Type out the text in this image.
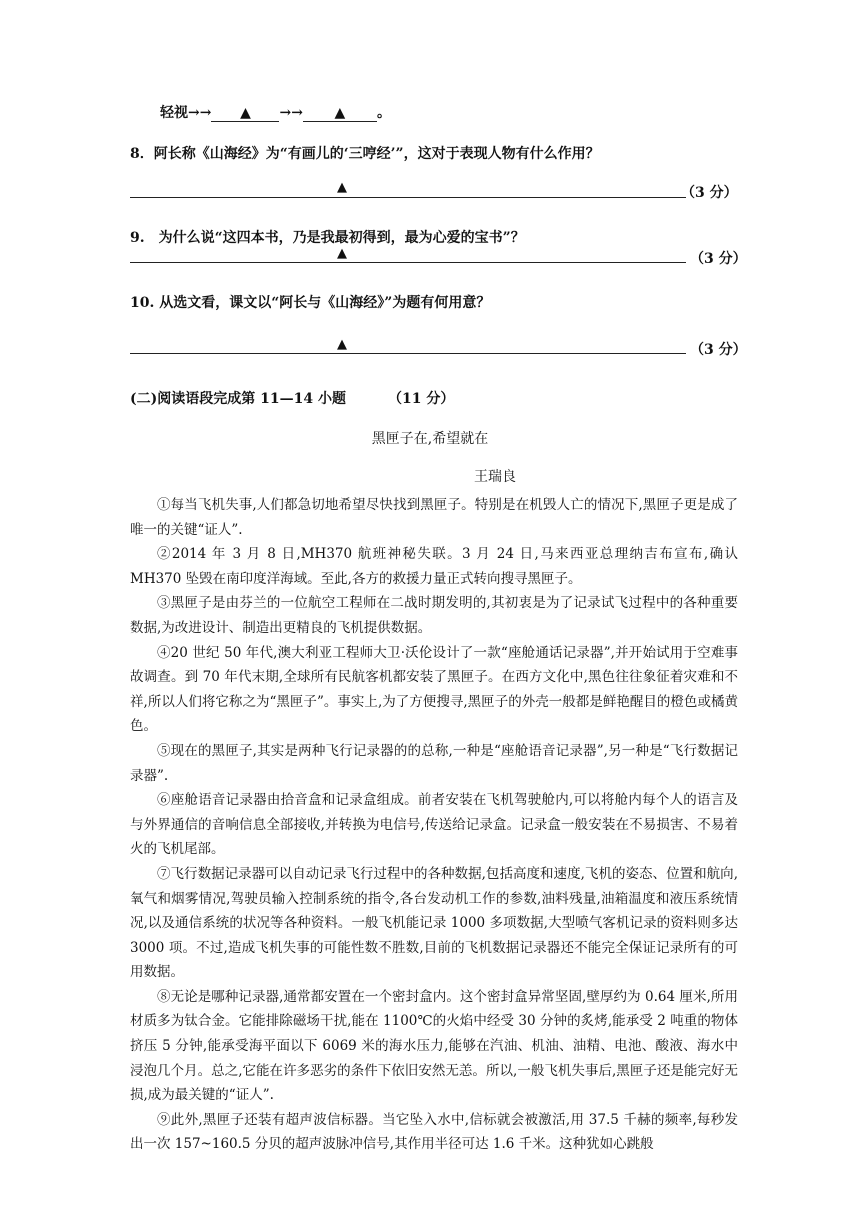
轻视→→ ▲ →→ ▲ 。
8．阿长称《山海经》为“有画儿的‘三哼经’”，这对于表现人物有什么作用？
▲	（3 分）
9.　为什么说“这四本书，乃是我最初得到，最为心爱的宝书”？
▲	（3 分）
10. 从选文看，课文以“阿长与《山海经》”为题有何用意？
▲	（3 分）
(二)阅读语段完成第 11—14 小题	（11 分）
黑匣子在,希望就在
王瑞良

①每当飞机失事,人们都急切地希望尽快找到黑匣子。特别是在机毁人亡的情况下,黑匣子更是成了唯一的关键“证人”.

②2014 年 3 月 8 日,MH370 航班神秘失联。3 月 24 日,马来西亚总理纳吉布宣布,确认 MH370 坠毁在南印度洋海域。至此,各方的救援力量正式转向搜寻黑匣子。

③黑匣子是由芬兰的一位航空工程师在二战时期发明的,其初衷是为了记录试飞过程中的各种重要数据,为改进设计、制造出更精良的飞机提供数据。

④20 世纪 50 年代,澳大利亚工程师大卫·沃伦设计了一款“座舱通话记录器”,并开始试用于空难事故调查。到 70 年代末期,全球所有民航客机都安装了黑匣子。在西方文化中,黑色往往象征着灾难和不祥,所以人们将它称之为“黑匣子”。事实上,为了方便搜寻,黑匣子的外壳一般都是鲜艳醒目的橙色或橘黄色。

⑤现在的黑匣子,其实是两种飞行记录器的的总称,一种是“座舱语音记录器”,另一种是“飞行数据记录器”.

⑥座舱语音记录器由拾音盒和记录盒组成。前者安装在飞机驾驶舱内,可以将舱内每个人的语言及与外界通信的音响信息全部接收,并转换为电信号,传送给记录盒。记录盒一般安装在不易损害、不易着火的飞机尾部。

⑦飞行数据记录器可以自动记录飞行过程中的各种数据,包括高度和速度,飞机的姿态、位置和航向,氧气和烟雾情况,驾驶员输入控制系统的指令,各台发动机工作的参数,油料残量,油箱温度和液压系统情况,以及通信系统的状况等各种资料。一般飞机能记录 1000 多项数据,大型喷气客机记录的资料则多达 3000 项。不过,造成飞机失事的可能性数不胜数,目前的飞机数据记录器还不能完全保证记录所有的可用数据。

⑧无论是哪种记录器,通常都安置在一个密封盒内。这个密封盒异常坚固,壁厚约为 0.64 厘米,所用材质多为钛合金。它能排除磁场干扰,能在 1100℃的火焰中经受 30 分钟的炙烤,能承受 2 吨重的物体挤压 5 分钟,能承受海平面以下 6069 米的海水压力,能够在汽油、机油、油精、电池、酸液、海水中浸泡几个月。总之,它能在许多恶劣的条件下依旧安然无恙。所以,一般飞机失事后,黑匣子还是能完好无损,成为最关键的“证人”.

⑨此外,黑匣子还装有超声波信标器。当它坠入水中,信标就会被激活,用 37.5 千赫的频率,每秒发出一次 157~160.5 分贝的超声波脉冲信号,其作用半径可达 1.6 千米。这种犹如心跳般
